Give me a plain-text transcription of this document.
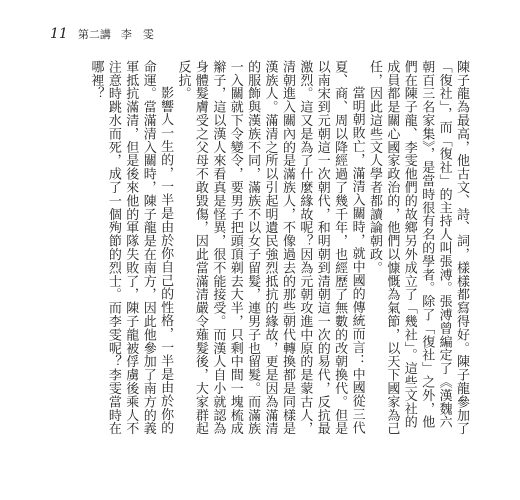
11 第二講 李　雯

陳子龍為最高，他古文、詩、詞，樣樣都寫得好。陳子龍參加了「復社」，而「復社」的主持人叫張溥。張溥曾編定了《漢魏六朝百三名家集》，是當時很有名的學者。除了「復社」之外，他們在陳子龍、李雯他們的故鄉另外成立了「幾社」。這些文社的成員都是關心國家政治的，他們以慷慨為氣節，以天下國家為己任，因此這些文人學者都讀論朝政。

當明朝敗亡，滿清入關時，就中國的傳統而言：中國從三代夏、商、周以降經過了幾千年，也經歷了無數的改朝換代。但是以南宋到元朝這一次朝代，和明朝到清朝這一次的易代，反抗最激烈。這又是為了什麼緣故呢？因為元朝攻進中原的是蒙古人，清朝進入關內的是滿族人，不像過去的那些朝代轉換都是同樣是漢族人。滿清之所以引起明遺民強烈抵抗的緣故，更是因為滿清的服飾與漢族不同，滿族不以女子留髮，連男子也留髮。而滿族一入關就下令變令，要男子把頭頂剃去大半，只剩中間一塊梳成辮子，這以漢人來看真是怪異，很不能接受。而漢人自小就認為身體髮膚受之父母不敢毀傷，因此當滿清嚴令薙髮後，大家群起反抗。

影響人一生的，一半是由於你自己的性格，一半是由於你的命運。當滿清入關時，陳子龍是在南方，因此他參加了南方的義軍抵抗滿清，但是後來他的軍隊失敗了，陳子龍被俘虜後乘人不注意時跳水而死，成了一個殉節的烈士。而李雯呢？李雯當時在哪裡？
